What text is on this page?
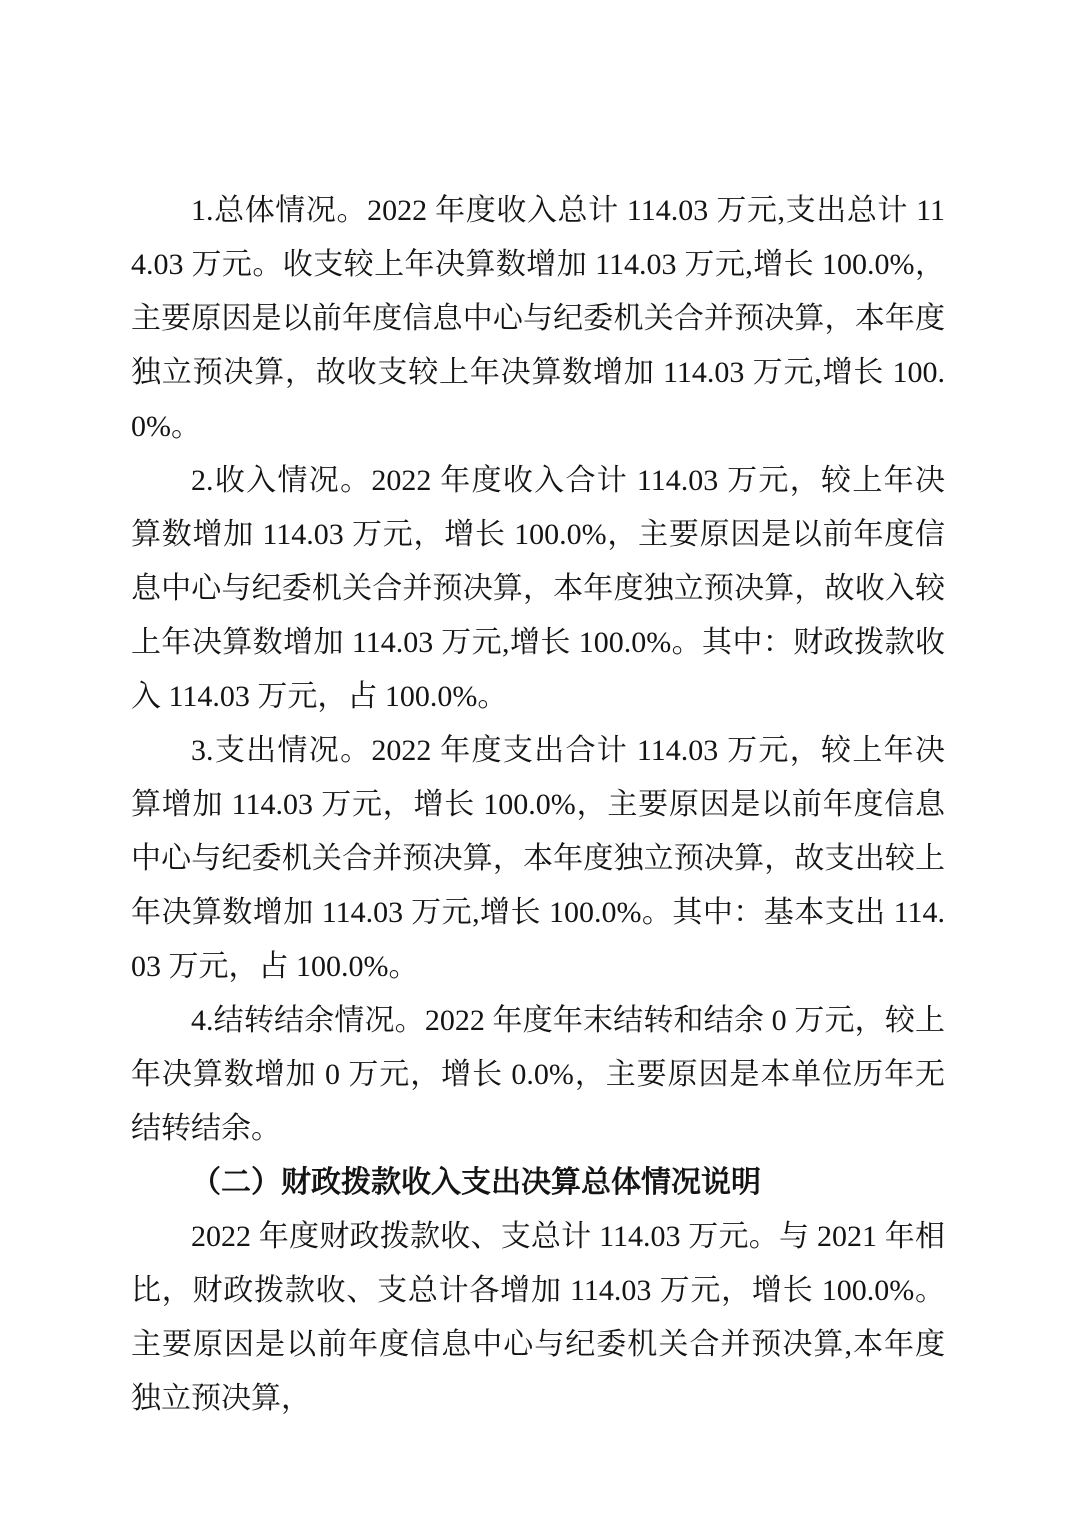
1.总体情况。2022 年度收入总计 114.03 万元,支出总计 114.03 万元。收支较上年决算数增加 114.03 万元,增长 100.0%，主要原因是以前年度信息中心与纪委机关合并预决算，本年度独立预决算，故收支较上年决算数增加 114.03 万元,增长 100.0%。

2.收入情况。2022 年度收入合计 114.03 万元，较上年决算数增加 114.03 万元，增长 100.0%，主要原因是以前年度信息中心与纪委机关合并预决算，本年度独立预决算，故收入较上年决算数增加 114.03 万元,增长 100.0%。其中：财政拨款收入 114.03 万元，占 100.0%。

3.支出情况。2022 年度支出合计 114.03 万元，较上年决算增加 114.03 万元，增长 100.0%，主要原因是以前年度信息中心与纪委机关合并预决算，本年度独立预决算，故支出较上年决算数增加 114.03 万元,增长 100.0%。其中：基本支出 114.03 万元，占 100.0%。

4.结转结余情况。2022 年度年末结转和结余 0 万元，较上年决算数增加 0 万元，增长 0.0%，主要原因是本单位历年无结转结余。

（二）财政拨款收入支出决算总体情况说明

2022 年度财政拨款收、支总计 114.03 万元。与 2021 年相比，财政拨款收、支总计各增加 114.03 万元，增长 100.0%。主要原因是以前年度信息中心与纪委机关合并预决算,本年度独立预决算，
